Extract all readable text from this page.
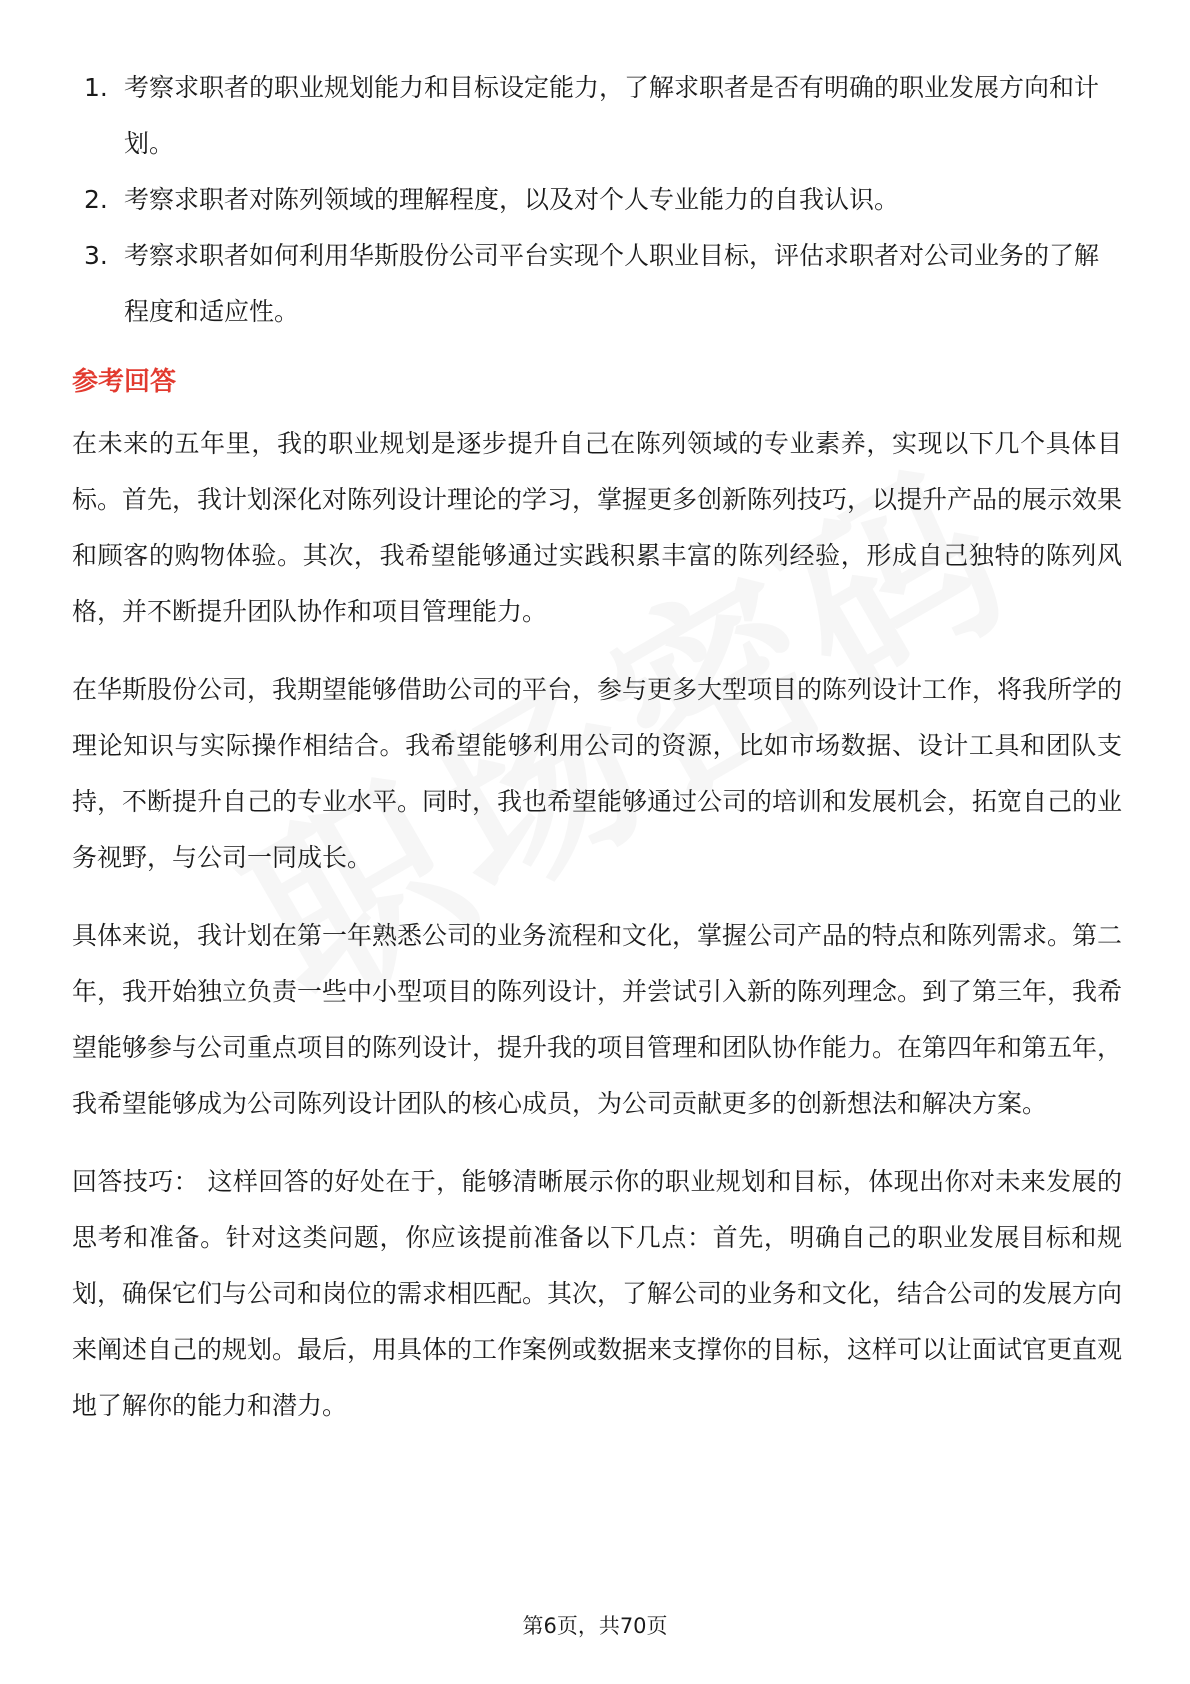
1. 考察求职者的职业规划能力和目标设定能力，了解求职者是否有明确的职业发展方向和计划。
2. 考察求职者对陈列领域的理解程度，以及对个人专业能力的自我认识。
3. 考察求职者如何利用华斯股份公司平台实现个人职业目标，评估求职者对公司业务的了解程度和适应性。
参考回答

在未来的五年里，我的职业规划是逐步提升自己在陈列领域的专业素养，实现以下几个具体目标。首先，我计划深化对陈列设计理论的学习，掌握更多创新陈列技巧，以提升产品的展示效果和顾客的购物体验。其次，我希望能够通过实践积累丰富的陈列经验，形成自己独特的陈列风格，并不断提升团队协作和项目管理能力。

在华斯股份公司，我期望能够借助公司的平台，参与更多大型项目的陈列设计工作，将我所学的理论知识与实际操作相结合。我希望能够利用公司的资源，比如市场数据、设计工具和团队支持，不断提升自己的专业水平。同时，我也希望能够通过公司的培训和发展机会，拓宽自己的业务视野，与公司一同成长。

具体来说，我计划在第一年熟悉公司的业务流程和文化，掌握公司产品的特点和陈列需求。第二年，我开始独立负责一些中小型项目的陈列设计，并尝试引入新的陈列理念。到了第三年，我希望能够参与公司重点项目的陈列设计，提升我的项目管理和团队协作能力。在第四年和第五年，我希望能够成为公司陈列设计团队的核心成员，为公司贡献更多的创新想法和解决方案。

回答技巧： 这样回答的好处在于，能够清晰展示你的职业规划和目标，体现出你对未来发展的思考和准备。针对这类问题，你应该提前准备以下几点：首先，明确自己的职业发展目标和规划，确保它们与公司和岗位的需求相匹配。其次，了解公司的业务和文化，结合公司的发展方向来阐述自己的规划。最后，用具体的工作案例或数据来支撑你的目标，这样可以让面试官更直观地了解你的能力和潜力。

第6页，共70页
